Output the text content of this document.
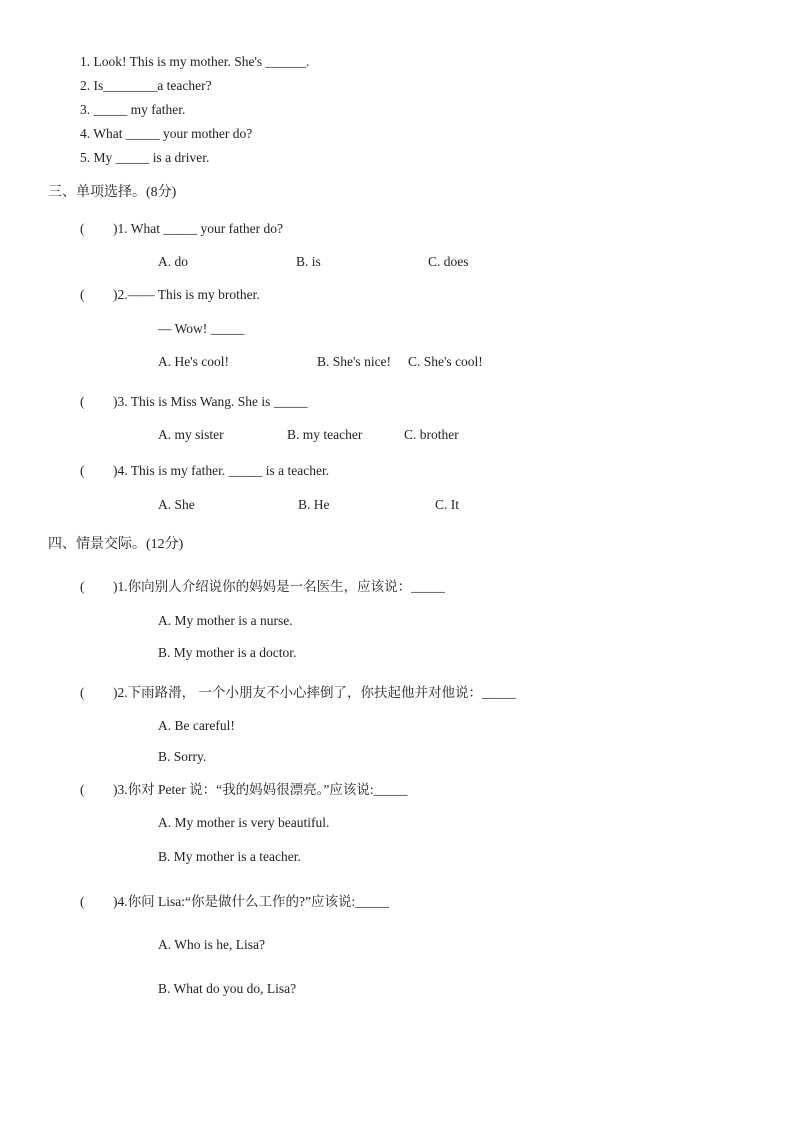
1. Look! This is my mother. She's ______.
2. Is________a teacher?
3. _____ my father.
4. What _____ your mother do?
5. My _____ is a driver.
三、单项选择。(8分)
( )1. What _____ your father do?
A. do	B. is	C. does
( )2.—— This is my brother.
— Wow! _____
A. He's cool!	B. She's nice! C. She's cool!
( )3. This is Miss Wang. She is _____
A. my sister	B. my teacher	C. brother
( )4. This is my father. _____ is a teacher.
A. She	B. He	C. It
四、情景交际。(12分)
( )1.你向别人介绍说你的妈妈是一名医生，应该说：_____
A. My mother is a nurse.
B. My mother is a doctor.
( )2.下雨路滑， 一个小朋友不小心摔倒了，你扶起他并对他说：_____
A. Be careful!
B. Sorry.
( )3.你对 Peter 说：“我的妈妈很漂亮。”应该说:_____
A. My mother is very beautiful.
B. My mother is a teacher.
( )4.你问 Lisa:“你是做什么工作的?”应该说:_____
A. Who is he, Lisa?
B. What do you do, Lisa?
